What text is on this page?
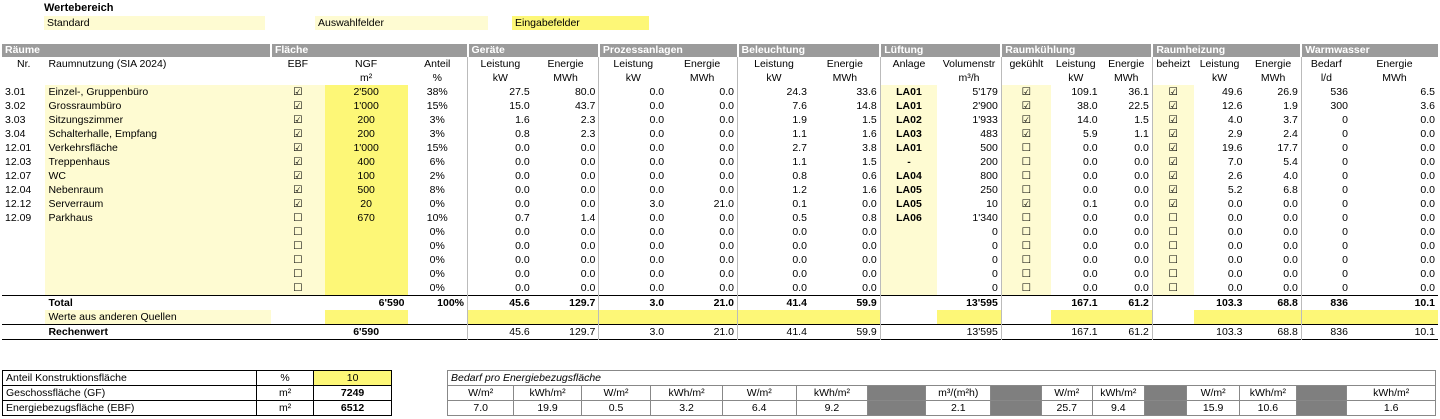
Wertebereich
Standard	Auswahlfelder	Eingabefelder
Räume		Fläche			Geräte		Prozessanlagen		Beleuchtung		Lüftung		Raumkühlung			Raumheizung			Warmwasser	
Nr.	Raumnutzung (SIA 2024)	EBF	NGF	Anteil	Leistung	Energie	Leistung	Energie	Leistung	Energie	Anlage	Volumenstr	gekühlt	Leistung	Energie	beheizt	Leistung	Energie	Bedarf	Energie
			m²	%	kW	MWh	kW	MWh	kW	MWh		m³/h		kW	MWh		kW	MWh	l/d	MWh
3.01	Einzel-, Gruppenbüro	☑	2'500	38%	27.5	80.0	0.0	0.0	24.3	33.6	LA01	5'179	☑	109.1	36.1	☑	49.6	26.9	536	6.5
3.02	Grossraumbüro	☑	1'000	15%	15.0	43.7	0.0	0.0	7.6	14.8	LA01	2'900	☑	38.0	22.5	☑	12.6	1.9	300	3.6
3.03	Sitzungszimmer	☑	200	3%	1.6	2.3	0.0	0.0	1.9	1.5	LA02	1'933	☑	14.0	1.5	☑	4.0	3.7	0	0.0
3.04	Schalterhalle, Empfang	☑	200	3%	0.8	2.3	0.0	0.0	1.1	1.6	LA03	483	☑	5.9	1.1	☑	2.9	2.4	0	0.0
12.01	Verkehrsfläche	☑	1'000	15%	0.0	0.0	0.0	0.0	2.7	3.8	LA01	500	☐	0.0	0.0	☑	19.6	17.7	0	0.0
12.03	Treppenhaus	☑	400	6%	0.0	0.0	0.0	0.0	1.1	1.5	-	200	☐	0.0	0.0	☑	7.0	5.4	0	0.0
12.07	WC	☑	100	2%	0.0	0.0	0.0	0.0	0.8	0.6	LA04	800	☐	0.0	0.0	☑	2.6	4.0	0	0.0
12.04	Nebenraum	☑	500	8%	0.0	0.0	0.0	0.0	1.2	1.6	LA05	250	☐	0.0	0.0	☑	5.2	6.8	0	0.0
12.12	Serverraum	☑	20	0%	0.0	0.0	3.0	21.0	0.1	0.0	LA05	10	☑	0.1	0.0	☑	0.0	0.0	0	0.0
12.09	Parkhaus	☐	670	10%	0.7	1.4	0.0	0.0	0.5	0.8	LA06	1'340	☐	0.0	0.0	☐	0.0	0.0	0	0.0
		☐		0%	0.0	0.0	0.0	0.0	0.0	0.0		0	☐	0.0	0.0	☐	0.0	0.0	0	0.0
		☐		0%	0.0	0.0	0.0	0.0	0.0	0.0		0	☐	0.0	0.0	☐	0.0	0.0	0	0.0
		☐		0%	0.0	0.0	0.0	0.0	0.0	0.0		0	☐	0.0	0.0	☐	0.0	0.0	0	0.0
		☐		0%	0.0	0.0	0.0	0.0	0.0	0.0		0	☐	0.0	0.0	☐	0.0	0.0	0	0.0
		☐		0%	0.0	0.0	0.0	0.0	0.0	0.0		0	☐	0.0	0.0	☐	0.0	0.0	0	0.0
	Total		6'590	100%	45.6	129.7	3.0	21.0	41.4	59.9		13'595		167.1	61.2		103.3	68.8	836	10.1
	Werte aus anderen Quellen																			
	Rechenwert		6'590		45.6	129.7	3.0	21.0	41.4	59.9		13'595		167.1	61.2		103.3	68.8	836	10.1
Anteil Konstruktionsfläche	%	10
Geschossfläche (GF)	m²	7249
Energiebezugsfläche (EBF)	m²	6512
Bedarf pro Energiebezugsfläche															
W/m²	kWh/m²	W/m²	kWh/m²	W/m²	kWh/m²		m³/(m²h)		W/m²	kWh/m²		W/m²	kWh/m²		kWh/m²
7.0	19.9	0.5	3.2	6.4	9.2		2.1		25.7	9.4		15.9	10.6		1.6
